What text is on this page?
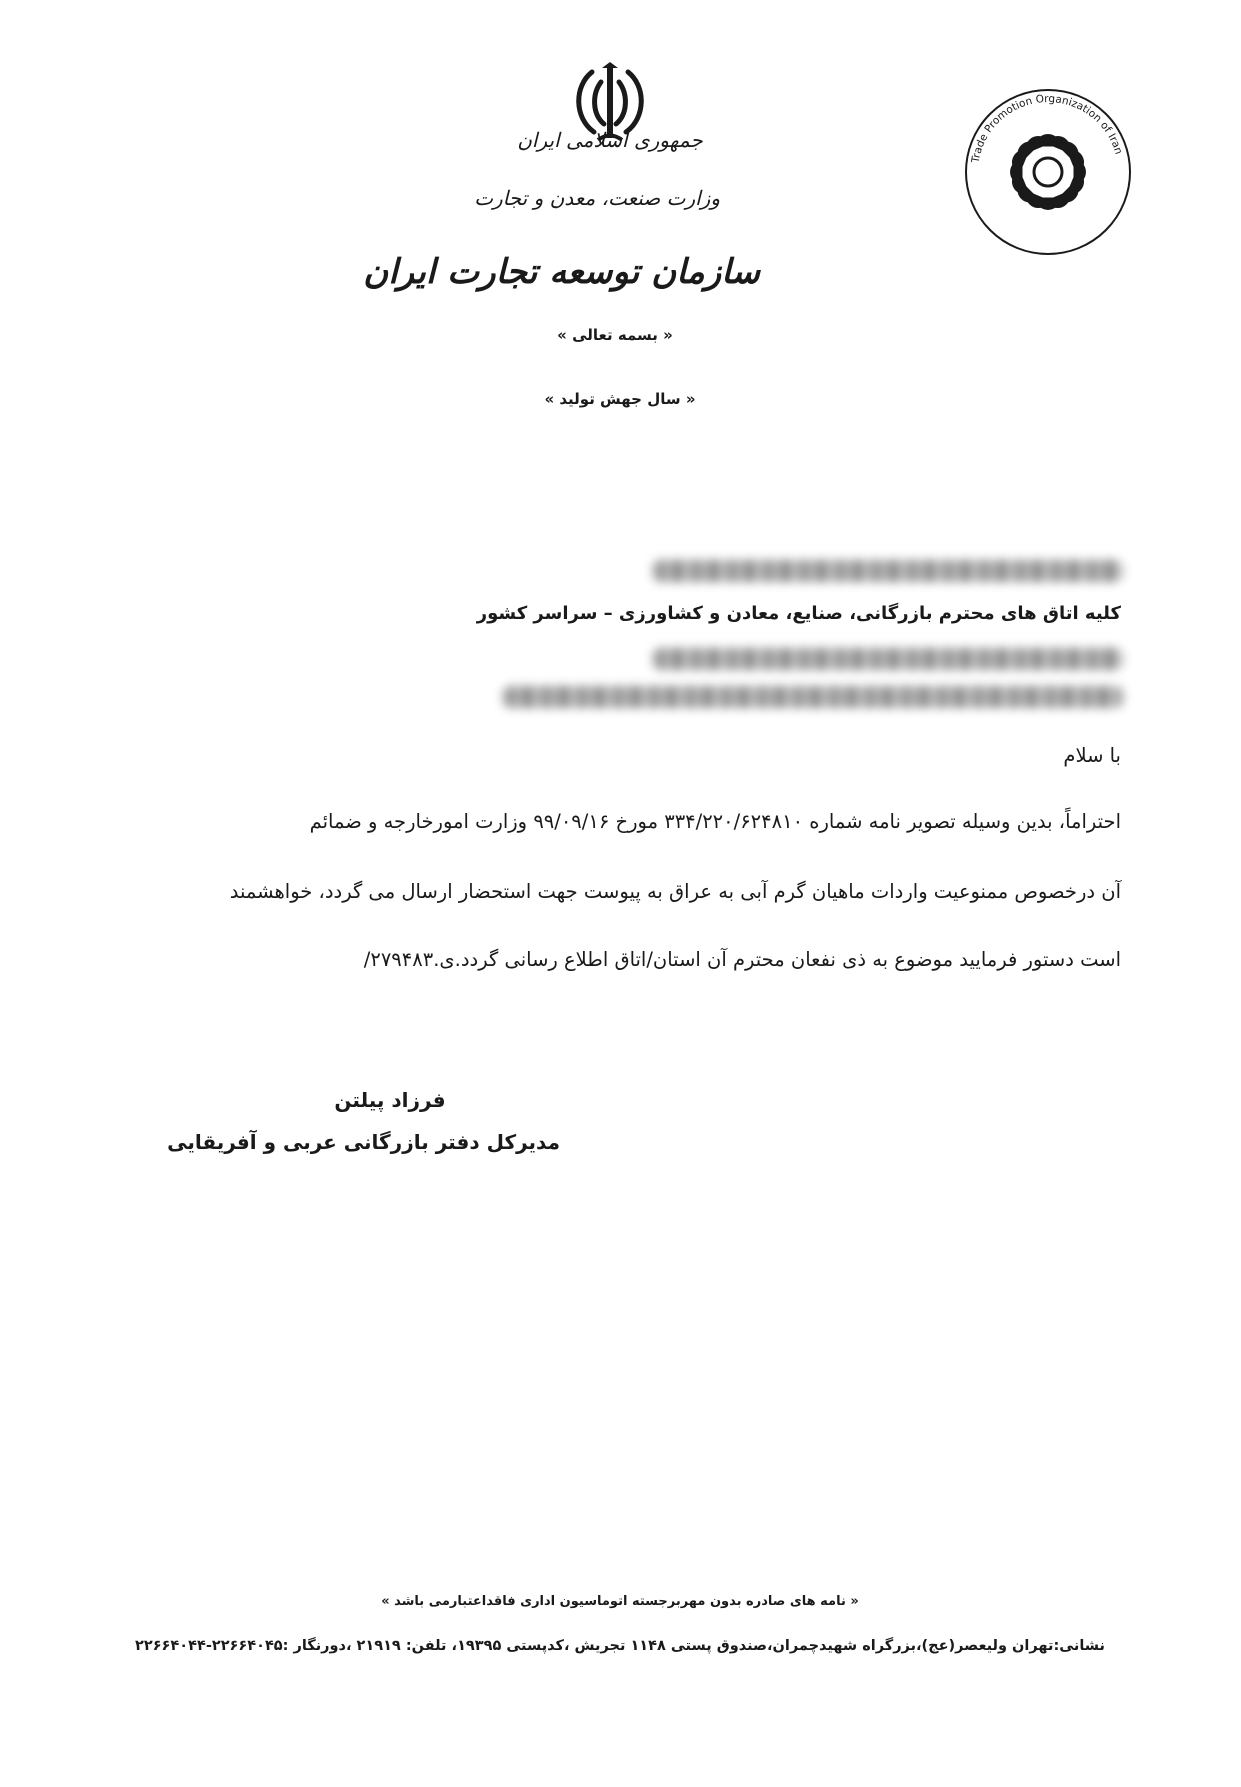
جمهوری اسلامی ایران
وزارت صنعت، معدن و تجارت
سازمان توسعه تجارت ایران
« بسمه تعالی »
« سال جهش تولید »
Trade Promotion Organization of Iran
کلیه اتاق های محترم بازرگانی، صنایع، معادن و کشاورزی – سراسر کشور
با سلام
احتراماً، بدین وسیله تصویر نامه شماره ۳۳۴/۲۲۰/۶۲۴۸۱۰ مورخ ۹۹/۰۹/۱۶ وزارت امورخارجه و ضمائم
آن درخصوص ممنوعیت واردات ماهیان گرم آبی به عراق به پیوست جهت استحضار ارسال می گردد، خواهشمند
است دستور فرمایید موضوع به ذی نفعان محترم آن استان/اتاق اطلاع رسانی گردد.ی.۲۷۹۴۸۳/
فرزاد پیلتن
مدیرکل دفتر بازرگانی عربی و آفریقایی
« نامه های صادره بدون مهربرجسته اتوماسیون اداری فاقداعتبارمی باشد »
نشانی:تهران ولیعصر(عج)،بزرگراه شهیدچمران،صندوق پستی ۱۱۴۸ تجریش ،کدپستی ۱۹۳۹۵، تلفن: ۲۱۹۱۹ ،دورنگار :۲۲۶۶۴۰۴۵-۲۲۶۶۴۰۴۴
